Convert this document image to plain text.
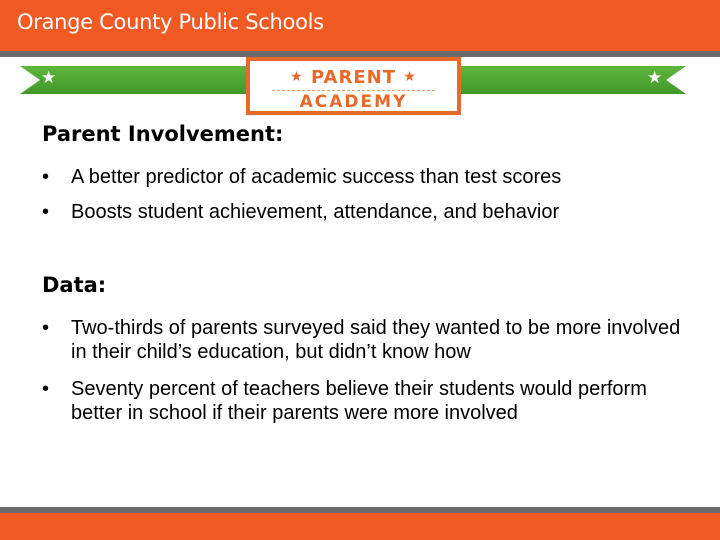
Orange County Public Schools
★	★
★ PARENT ★
ACADEMY
Parent Involvement:
•	A better predictor of academic success than test scores
•	Boosts student achievement, attendance, and behavior
Data:
•	Two-thirds of parents surveyed said they wanted to be more involved in their child’s education, but didn’t know how
•	Seventy percent of teachers believe their students would perform better in school if their parents were more involved
